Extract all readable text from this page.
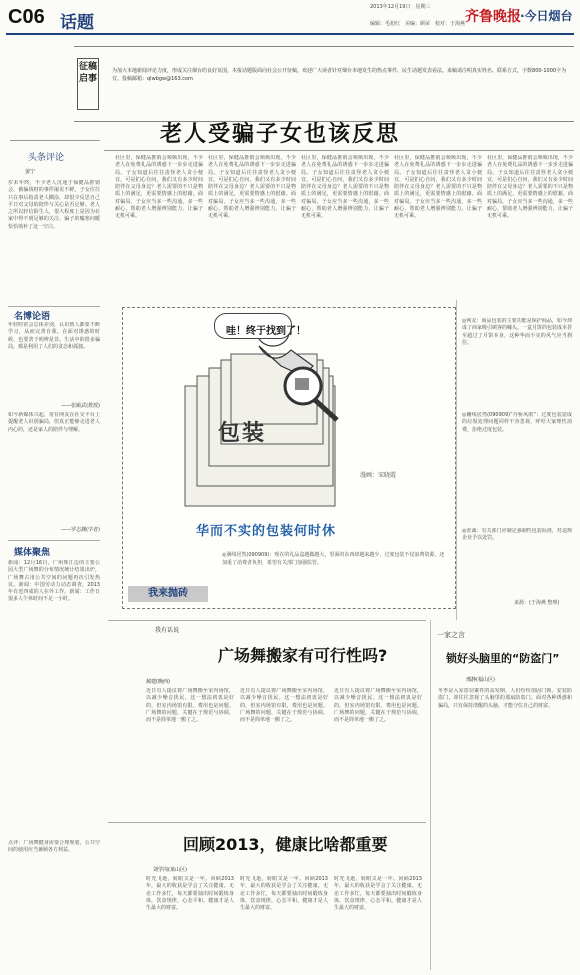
C06 话题
2013年12月19日　星期三
编辑：毛旭红　美编：顾荣　校对：于海燕 齐鲁晚报 ·今日烟台
征稿启事
为加大本地新闻评论力度，形成关注烟台的良好氛围，本报话题版面向社会公开征稿，欢迎广大读者针对烟台本地发生的热点事件、民生话题发表看法。来稿请注明真实姓名、联系方式，字数800-1000字为宜。投稿邮箱：qlwbgw@163.com
老人受骗子女也该反思
头条评论
姜宁
岁末年终，不少老人沉迷于保健品推销会，被骗钱财的事件屡见不鲜。子女往往只在事后指责老人糊涂，却很少反思自己平日对父母的陪伴与关心是否足够。老人之所以轻信陌生人，很大程度上是因为在家中得不到足够的关注，骗子的嘘寒问暖恰恰填补了这一空白。
名博论语
年轻时常会总体差别，认识到人都要不断学习，从而完善自我。在面对诱惑的时候，也要善于明辨是非。生活中的很多骗局，都是利用了人们的贪念和孤独。
——张颐武(教授)
如今新媒体兴起，常有网友在社交平台上提醒老人识别骗局，但真正能够走进老人内心的，还是家人的陪伴与理解。
——罗志渊(学者)
媒体聚焦
新闻：12月16日，广州珠江边的主要公园大型广场舞的分布情况统计结果出炉，广场舞占用公共空间的问题再次引发热议。新闻：中国劳动力动态调查，2013年有近四成的人在外工作。新闻：工作日很多人午休时间不足一小时。
点评：广场舞健身需要合理规划，公共空间的使用应当兼顾各方利益。
社区里，保健品推销会频频出现，不少老人在免费礼品的诱惑下一步步走进骗局。子女知道后往往责怪老人贪小便宜，可是扪心自问，我们又有多少时间陪伴在父母身边？老人需要的不只是物质上的满足，更需要情感上的慰藉。面对骗局，子女应当多一些沟通，多一些耐心，帮助老人增强辨别能力，让骗子无机可乘。
社区里，保健品推销会频频出现，不少老人在免费礼品的诱惑下一步步走进骗局。子女知道后往往责怪老人贪小便宜，可是扪心自问，我们又有多少时间陪伴在父母身边？老人需要的不只是物质上的满足，更需要情感上的慰藉。面对骗局，子女应当多一些沟通，多一些耐心，帮助老人增强辨别能力，让骗子无机可乘。
社区里，保健品推销会频频出现，不少老人在免费礼品的诱惑下一步步走进骗局。子女知道后往往责怪老人贪小便宜，可是扪心自问，我们又有多少时间陪伴在父母身边？老人需要的不只是物质上的满足，更需要情感上的慰藉。面对骗局，子女应当多一些沟通，多一些耐心，帮助老人增强辨别能力，让骗子无机可乘。
社区里，保健品推销会频频出现，不少老人在免费礼品的诱惑下一步步走进骗局。子女知道后往往责怪老人贪小便宜，可是扪心自问，我们又有多少时间陪伴在父母身边？老人需要的不只是物质上的满足，更需要情感上的慰藉。面对骗局，子女应当多一些沟通，多一些耐心，帮助老人增强辨别能力，让骗子无机可乘。
社区里，保健品推销会频频出现，不少老人在免费礼品的诱惑下一步步走进骗局。子女知道后往往责怪老人贪小便宜，可是扪心自问，我们又有多少时间陪伴在父母身边？老人需要的不只是物质上的满足，更需要情感上的慰藉。面对骗局，子女应当多一些沟通，多一些耐心，帮助老人增强辨别能力，让骗子无机可乘。
哇！终于找到了！
包装
漫画：宋晓霞
华而不实的包装何时休
我来抛砖
◎满线居然(090909)：现在的礼品盒越做越大，里面的东西却越来越少，过度包装不仅浪费资源，还加重了消费者负担，希望有关部门加强监管。
◎网友：商品包装的主要功能是保护商品，如今却成了商家吸引顾客的噱头。一盒月饼的包装成本甚至超过了月饼本身，这种华而不实的风气应当刹住。
◎幽线居然(090909)“丹桥风雨”：过度包装造成的垃圾处理问题同样不容忽视，呼吁大家理性消费，拒绝过度包装。
◎张诚：有关部门应制定强制性包装标准，对违规企业予以处罚。
来源：(于海燕 整理)
我有话说
广场舞搬家有可行性吗?
郝建(晚西)
近日有人提议将广场舞搬至室内场馆，以减少噪音扰民。这一想法初衷是好的，但室内场馆有限，费用也是问题。广场舞的问题，关键在于规范与协调，而不是简单地一搬了之。
近日有人提议将广场舞搬至室内场馆，以减少噪音扰民。这一想法初衷是好的，但室内场馆有限，费用也是问题。广场舞的问题，关键在于规范与协调，而不是简单地一搬了之。
近日有人提议将广场舞搬至室内场馆，以减少噪音扰民。这一想法初衷是好的，但室内场馆有限，费用也是问题。广场舞的问题，关键在于规范与协调，而不是简单地一搬了之。
回顾2013，健康比啥都重要
刘学岗(莱山区)
时光飞逝，转眼又是一年。回顾2013年，最大的收获是学会了关注健康。无论工作多忙，每天都要抽出时间锻炼身体，饮食规律，心态平和。健康才是人生最大的财富。
时光飞逝，转眼又是一年。回顾2013年，最大的收获是学会了关注健康。无论工作多忙，每天都要抽出时间锻炼身体，饮食规律，心态平和。健康才是人生最大的财富。
时光飞逝，转眼又是一年。回顾2013年，最大的收获是学会了关注健康。无论工作多忙，每天都要抽出时间锻炼身体，饮食规律，心态平和。健康才是人生最大的财富。
一家之言
锁好头脑里的“防盗门”
邢静(福山区)
冬季是入室盗窃案件的高发期，人们纷纷加固门锁、安装防盗门，却往往忽视了头脑里的那扇防盗门。面对各种诱惑和骗局，只有保持清醒的头脑，才能守住自己的财富。
